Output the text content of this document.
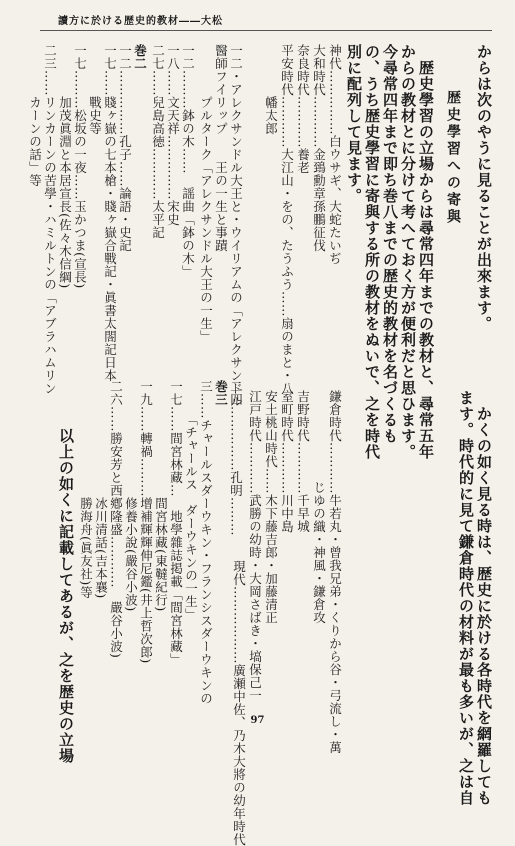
讀方に於ける歴史的教材――大松
一二・アレクサンドル大王と・ウイリアムの「アレクサンドル
醫師フイリップ　　王の一生と事蹟
　　　　プルターク「アレクサンドル大王の一生」
一二………鉢の木……　謡曲「鉢の木」
一八……文天祥……………宋史
二七……兒島高徳…………太平記
巻二
一二……………孔子……論語・史記
一七……賤ヶ嶽の七本槍・賤ヶ嶽合戰記・眞書太閤記日本
　　　　戰史等
一七………松坂の一夜……玉かつま(宣長)
　　　　加茂眞淵と本居宣長(佐々木信綱)
二三……リンカーンの苦學・ハミルトンの「アブラハムリン
　　　　カーンの話」等
二四……………孔明………
巻三
三……チャールスダーウキン・フランシスダーウキンの
　　　「チャールス　ダーウキンの一生」
一七……間宮林藏…　地學雜誌掲載「間宮林藏」
　　　　　　　　　間宮林藏(東韃紀行)
一九……轉禍………增補輝輝伸尼鑑(井上哲次郎)
　　　　　　　　　修養小說(嚴谷小波)
二六……勝安芳と西鄕隆盛…………　嚴谷小波)
　　　　　　　　　冰川清話(吉本襄)
　　　　　　　　　勝海舟(眞友社)等
　　　以上の如くに記載してあるが、之を歴史の立場
からは次のやうに見ることが出來ます。
歴史學習への寄與
　歴史學習の立場からは尋常四年までの教材と、尋常五年
からの教材とに分けて考へておく方が便利だと思ひます。
今尋常四年まで即ち巻八までの歴史的教材を名づくるも
の、うち歴史學習に寄與する所の教材をぬいで、之を時代
別に配列して見ます。
神代……………白ウサギ、大蛇たいぢ
大和時代…………金鵄勳章孫鵬征伐
奈良時代…………養老
平安時代…………大江山・をの、たうふう……扇のまと・八
　　　　幡太郎
鎌倉時代…………牛若丸・曾我兄弟・くりから谷・弓流し・萬
　　　　　　　じゆの織・神風・鎌倉攻
吉野時代…………千早城
室町時代…………川中島
安土桃山時代……木下藤吉郎・加藤清正
江戸時代…………武勝の幼時・大岡さばき・塙保己一
現代………………廣瀬中佐、乃木大將の幼年時代	　かくの如く見る時は、歴史に於ける各時代を網羅しても
ます。時代的に見て鎌倉時代の材料が最も多いが、之は自
97
